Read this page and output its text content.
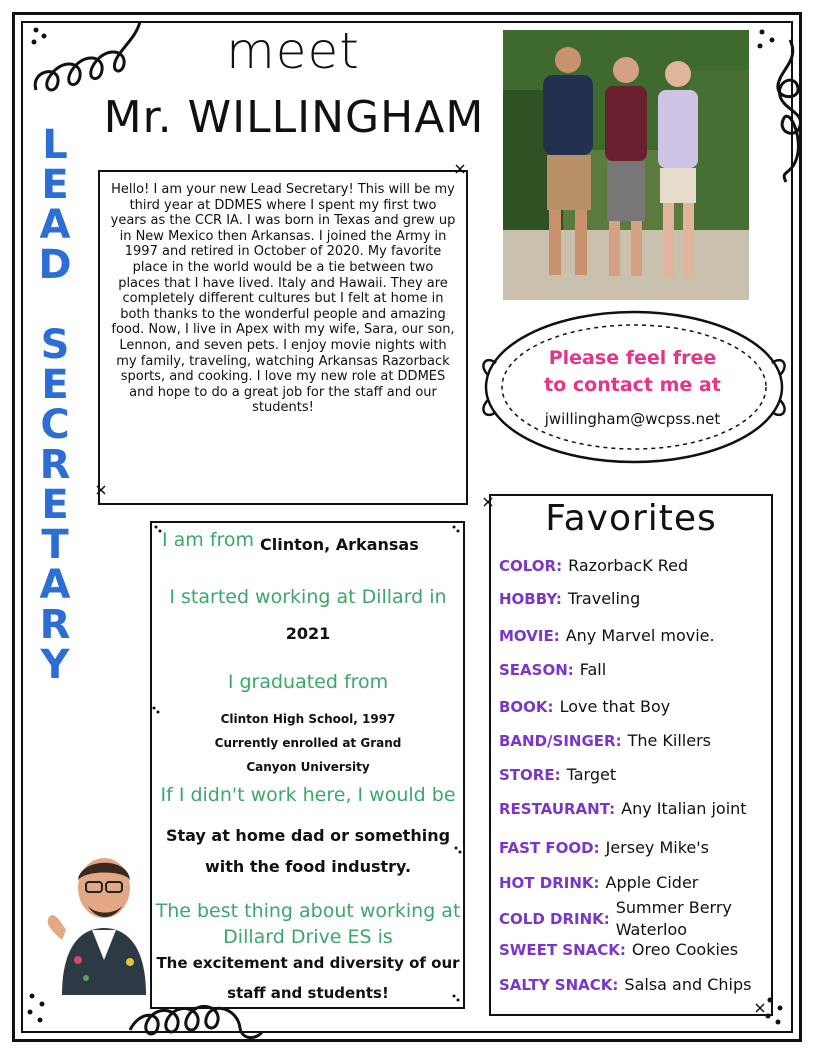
meet
Mr. WILLINGHAM
L
E
A
D
S
E
C
R
E
T
A
R
Y
Hello! I am your new Lead Secretary! This will be my third year at DDMES where I spent my first two years as the CCR IA. I was born in Texas and grew up in New Mexico then Arkansas. I joined the Army in 1997 and retired in October of 2020. My favorite place in the world would be a tie between two places that I have lived. Italy and Hawaii. They are completely different cultures but I felt at home in both thanks to the wonderful people and amazing food. Now, I live in Apex with my wife, Sara, our son, Lennon, and seven pets. I enjoy movie nights with my family, traveling, watching Arkansas Razorback sports, and cooking. I love my new role at DDMES and hope to do a great job for the staff and our students!
Please feel free
to contact me at
jwillingham@wcpss.net
I am from Clinton, Arkansas
I started working at Dillard in
2021
I graduated from
Clinton High School, 1997
Currently enrolled at Grand
Canyon University
If I didn't work here, I would be
Stay at home dad or something
with the food industry.
The best thing about working at
Dillard Drive ES is
The excitement and diversity of our
staff and students!
Favorites
COLOR: RazorbacK Red
HOBBY: Traveling
MOVIE: Any Marvel movie.
SEASON: Fall
BOOK: Love that Boy
BAND/SINGER: The Killers
STORE: Target
RESTAURANT: Any Italian joint
FAST FOOD: Jersey Mike's
HOT DRINK: Apple Cider
COLD DRINK:
Summer Berry Waterloo
SWEET SNACK: Oreo Cookies
SALTY SNACK: Salsa and Chips
